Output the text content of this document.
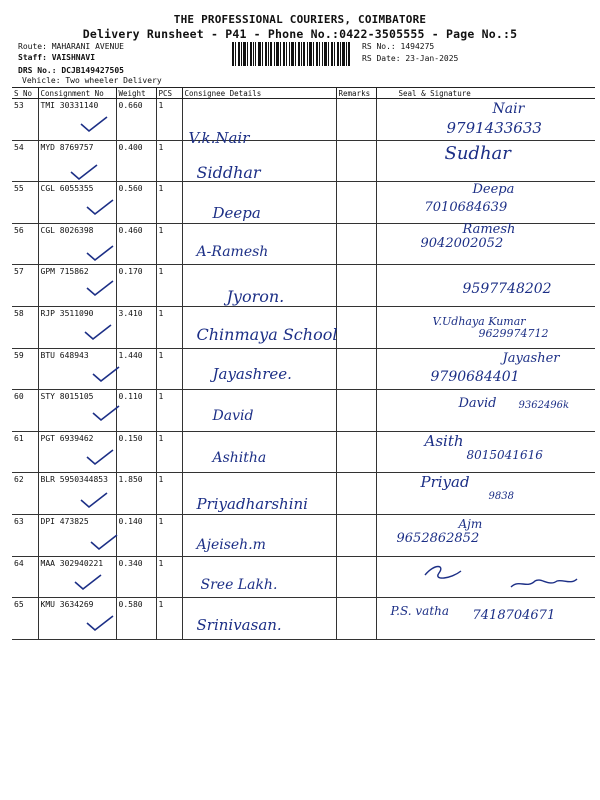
THE PROFESSIONAL COURIERS, COIMBATORE
Delivery Runsheet - P41 - Phone No.:0422-3505555 - Page No.:5
Route: MAHARANI AVENUE
Staff: VAISHNAVI
DRS No.: DCJB149427505
Vehicle: Two wheeler Delivery
RS No.: 1494275
RS Date: 23-Jan-2025
S No	Consignment No	Weight	PCS	Consignee Details	Remarks	Seal & Signature
53	TMI 30331140	0.660	1	V.k.Nair		Nair
9791433633

54	MYD 8769757	0.400	1	Siddhar		Sudhar

55	CGL 6055355	0.560	1	Deepa		Deepa
7010684639

56	CGL 8026398	0.460	1	A-Ramesh		Ramesh
9042002052

57	GPM 715862	0.170	1	Jyoron.		9597748202

58	RJP 3511090	3.410	1	Chinmaya School		V.Udhaya Kumar
9629974712

59	BTU 648943	1.440	1	Jayashree.		Jayasher
9790684401

60	STY 8015105	0.110	1	David		David 9362496k

61	PGT 6939462	0.150	1	Ashitha		Asith
8015041616

62	BLR 5950344853	1.850	1	Priyadharshini		Priyad
9838

63	DPI 473825	0.140	1	Ajeiseh.m		Ajm
9652862852

64	MAA 302940221	0.340	1	Sree Lakh.

65	KMU 3634269	0.580	1	Srinivasan.		P.S. vatha 7418704671
